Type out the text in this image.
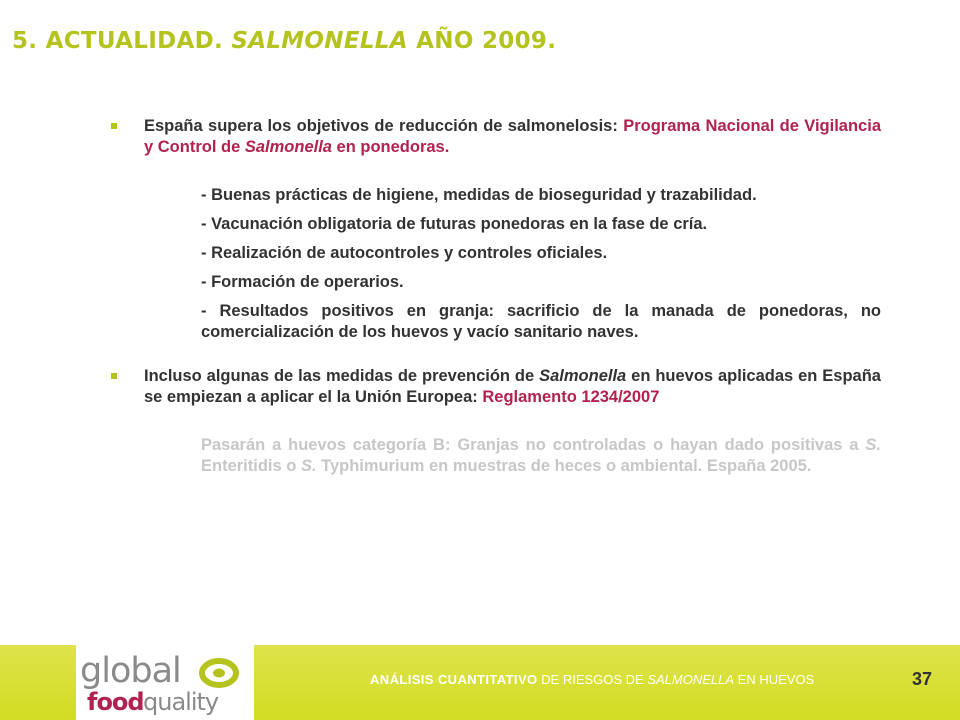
5. ACTUALIDAD. SALMONELLA AÑO 2009.
España supera los objetivos de reducción de salmonelosis: Programa Nacional de Vigilancia y Control de Salmonella en ponedoras.
- Buenas prácticas de higiene, medidas de bioseguridad y trazabilidad.
- Vacunación obligatoria de futuras ponedoras en la fase de cría.
- Realización de autocontroles y controles oficiales.
- Formación de operarios.
- Resultados positivos en granja: sacrificio de la manada de ponedoras, no comercialización de los huevos y vacío sanitario naves.
Incluso algunas de las medidas de prevención de Salmonella en huevos aplicadas en España se empiezan a aplicar el la Unión Europea: Reglamento 1234/2007
Pasarán a huevos categoría B: Granjas no controladas o hayan dado positivas a S. Enteritidis o S. Typhimurium en muestras de heces o ambiental. España 2005.
global
food quality
ANÁLISIS CUANTITATIVO DE RIESGOS DE SALMONELLA EN HUEVOS	37
